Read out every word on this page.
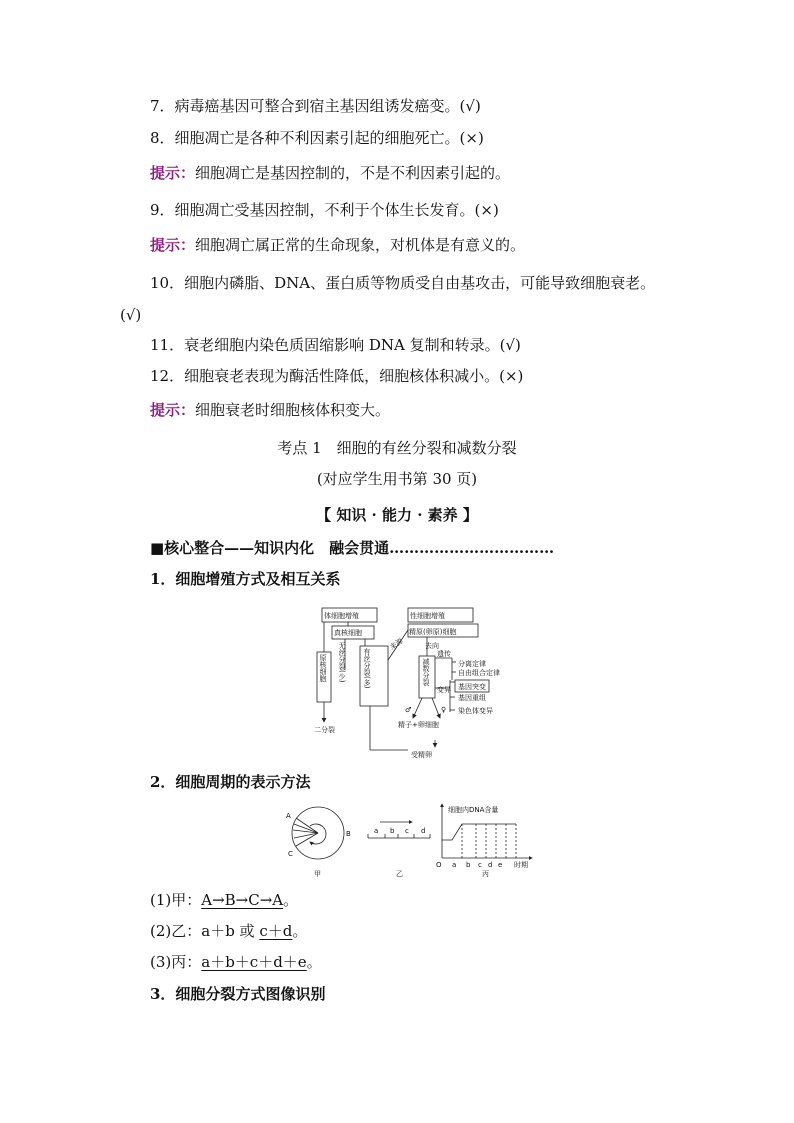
7．病毒癌基因可整合到宿主基因组诱发癌变。(√)
8．细胞凋亡是各种不利因素引起的细胞死亡。(×)
提示：细胞凋亡是基因控制的，不是不利因素引起的。
9．细胞凋亡受基因控制，不利于个体生长发育。(×)
提示：细胞凋亡属正常的生命现象，对机体是有意义的。
10．细胞内磷脂、DNA、蛋白质等物质受自由基攻击，可能导致细胞衰老。
(√)
11．衰老细胞内染色质固缩影响 DNA 复制和转录。(√)
12．细胞衰老表现为酶活性降低，细胞核体积减小。(×)
提示：细胞衰老时细胞核体积变大。
考点 1　细胞的有丝分裂和减数分裂
(对应学生用书第 30 页)
【 知识 · 能力 · 素养 】
■核心整合——知识内化　融会贯通……………………………
1．细胞增殖方式及相互关系
体细胞增殖
真核细胞
性细胞增殖
精原(卵原)细胞
来源	去向
遗传
分离定律
自由组合定律
变异 基因突变
基因重组
染色体变异
精子+卵细胞
受精卵
二分裂
♂	♀
原核细胞 无丝分裂(少) 有丝分裂(多)	减数分裂
2．细胞周期的表示方法
A
B
C
a b c d
细胞内DNA含量
O a b c d e 时期
甲	乙	丙
(1)甲：A→B→C→A。
(2)乙：a＋b 或 c＋d。
(3)丙：a＋b＋c＋d＋e。
3．细胞分裂方式图像识别
